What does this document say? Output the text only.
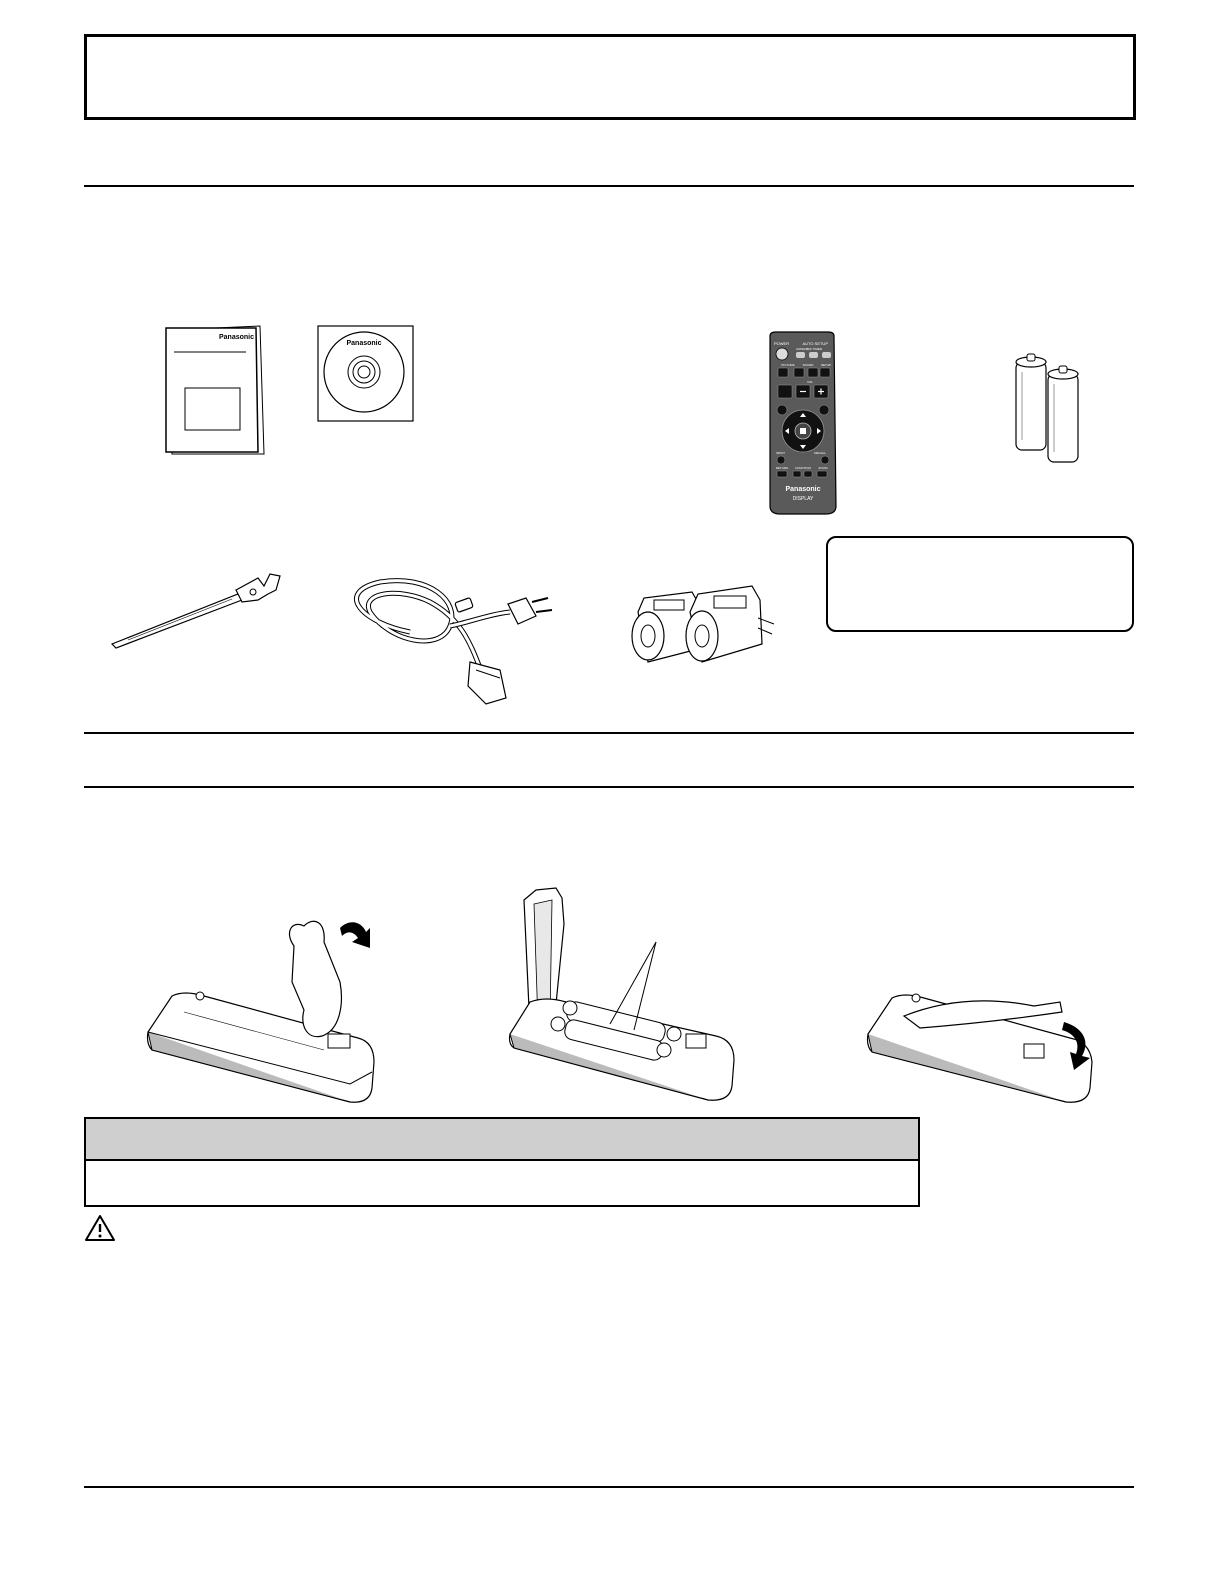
Panasonic
Panasonic	POWER	AUTO SETUP
ASPECT
OFF TIMER
PICTURE	SOUND	SETUP
VOL
INPUT	RECALL
RETURN FUNCTION	ZOOM
Panasonic
DISPLAY
